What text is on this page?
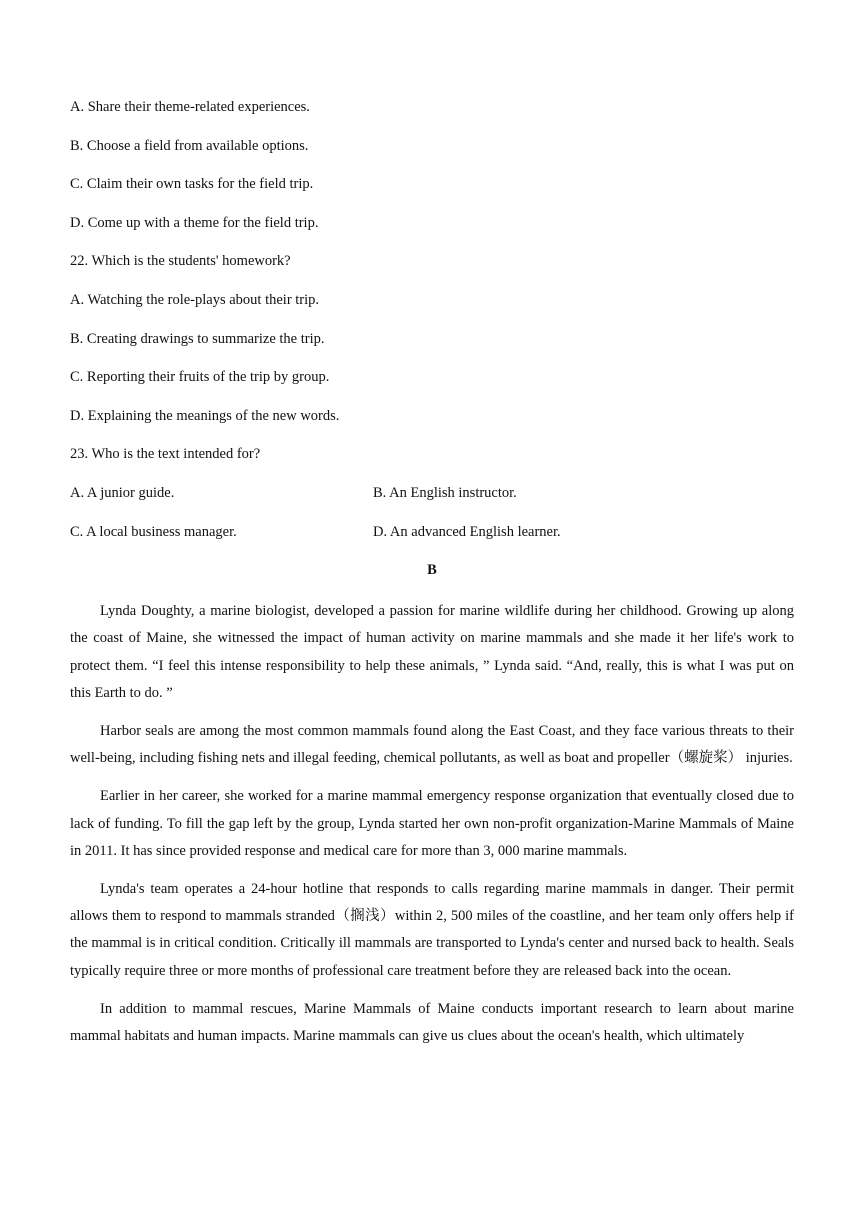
A. Share their theme-related experiences.
B. Choose a field from available options.
C. Claim their own tasks for the field trip.
D. Come up with a theme for the field trip.
22. Which is the students' homework?
A. Watching the role-plays about their trip.
B. Creating drawings to summarize the trip.
C. Reporting their fruits of the trip by group.
D. Explaining the meanings of the new words.
23. Who is the text intended for?
A. A junior guide.	B. An English instructor.
C. A local business manager.	D. An advanced English learner.
B

Lynda Doughty, a marine biologist, developed a passion for marine wildlife during her childhood. Growing up along the coast of Maine, she witnessed the impact of human activity on marine mammals and she made it her life's work to protect them. “I feel this intense responsibility to help these animals, ” Lynda said. “And, really, this is what I was put on this Earth to do. ”

Harbor seals are among the most common mammals found along the East Coast, and they face various threats to their well-being, including fishing nets and illegal feeding, chemical pollutants, as well as boat and propeller（螺旋桨） injuries.

Earlier in her career, she worked for a marine mammal emergency response organization that eventually closed due to lack of funding. To fill the gap left by the group, Lynda started her own non-profit organization-Marine Mammals of Maine in 2011. It has since provided response and medical care for more than 3, 000 marine mammals.

Lynda's team operates a 24-hour hotline that responds to calls regarding marine mammals in danger. Their permit allows them to respond to mammals stranded（搁浅）within 2, 500 miles of the coastline, and her team only offers help if the mammal is in critical condition. Critically ill mammals are transported to Lynda's center and nursed back to health. Seals typically require three or more months of professional care treatment before they are released back into the ocean.

In addition to mammal rescues, Marine Mammals of Maine conducts important research to learn about marine mammal habitats and human impacts. Marine mammals can give us clues about the ocean's health, which ultimately
